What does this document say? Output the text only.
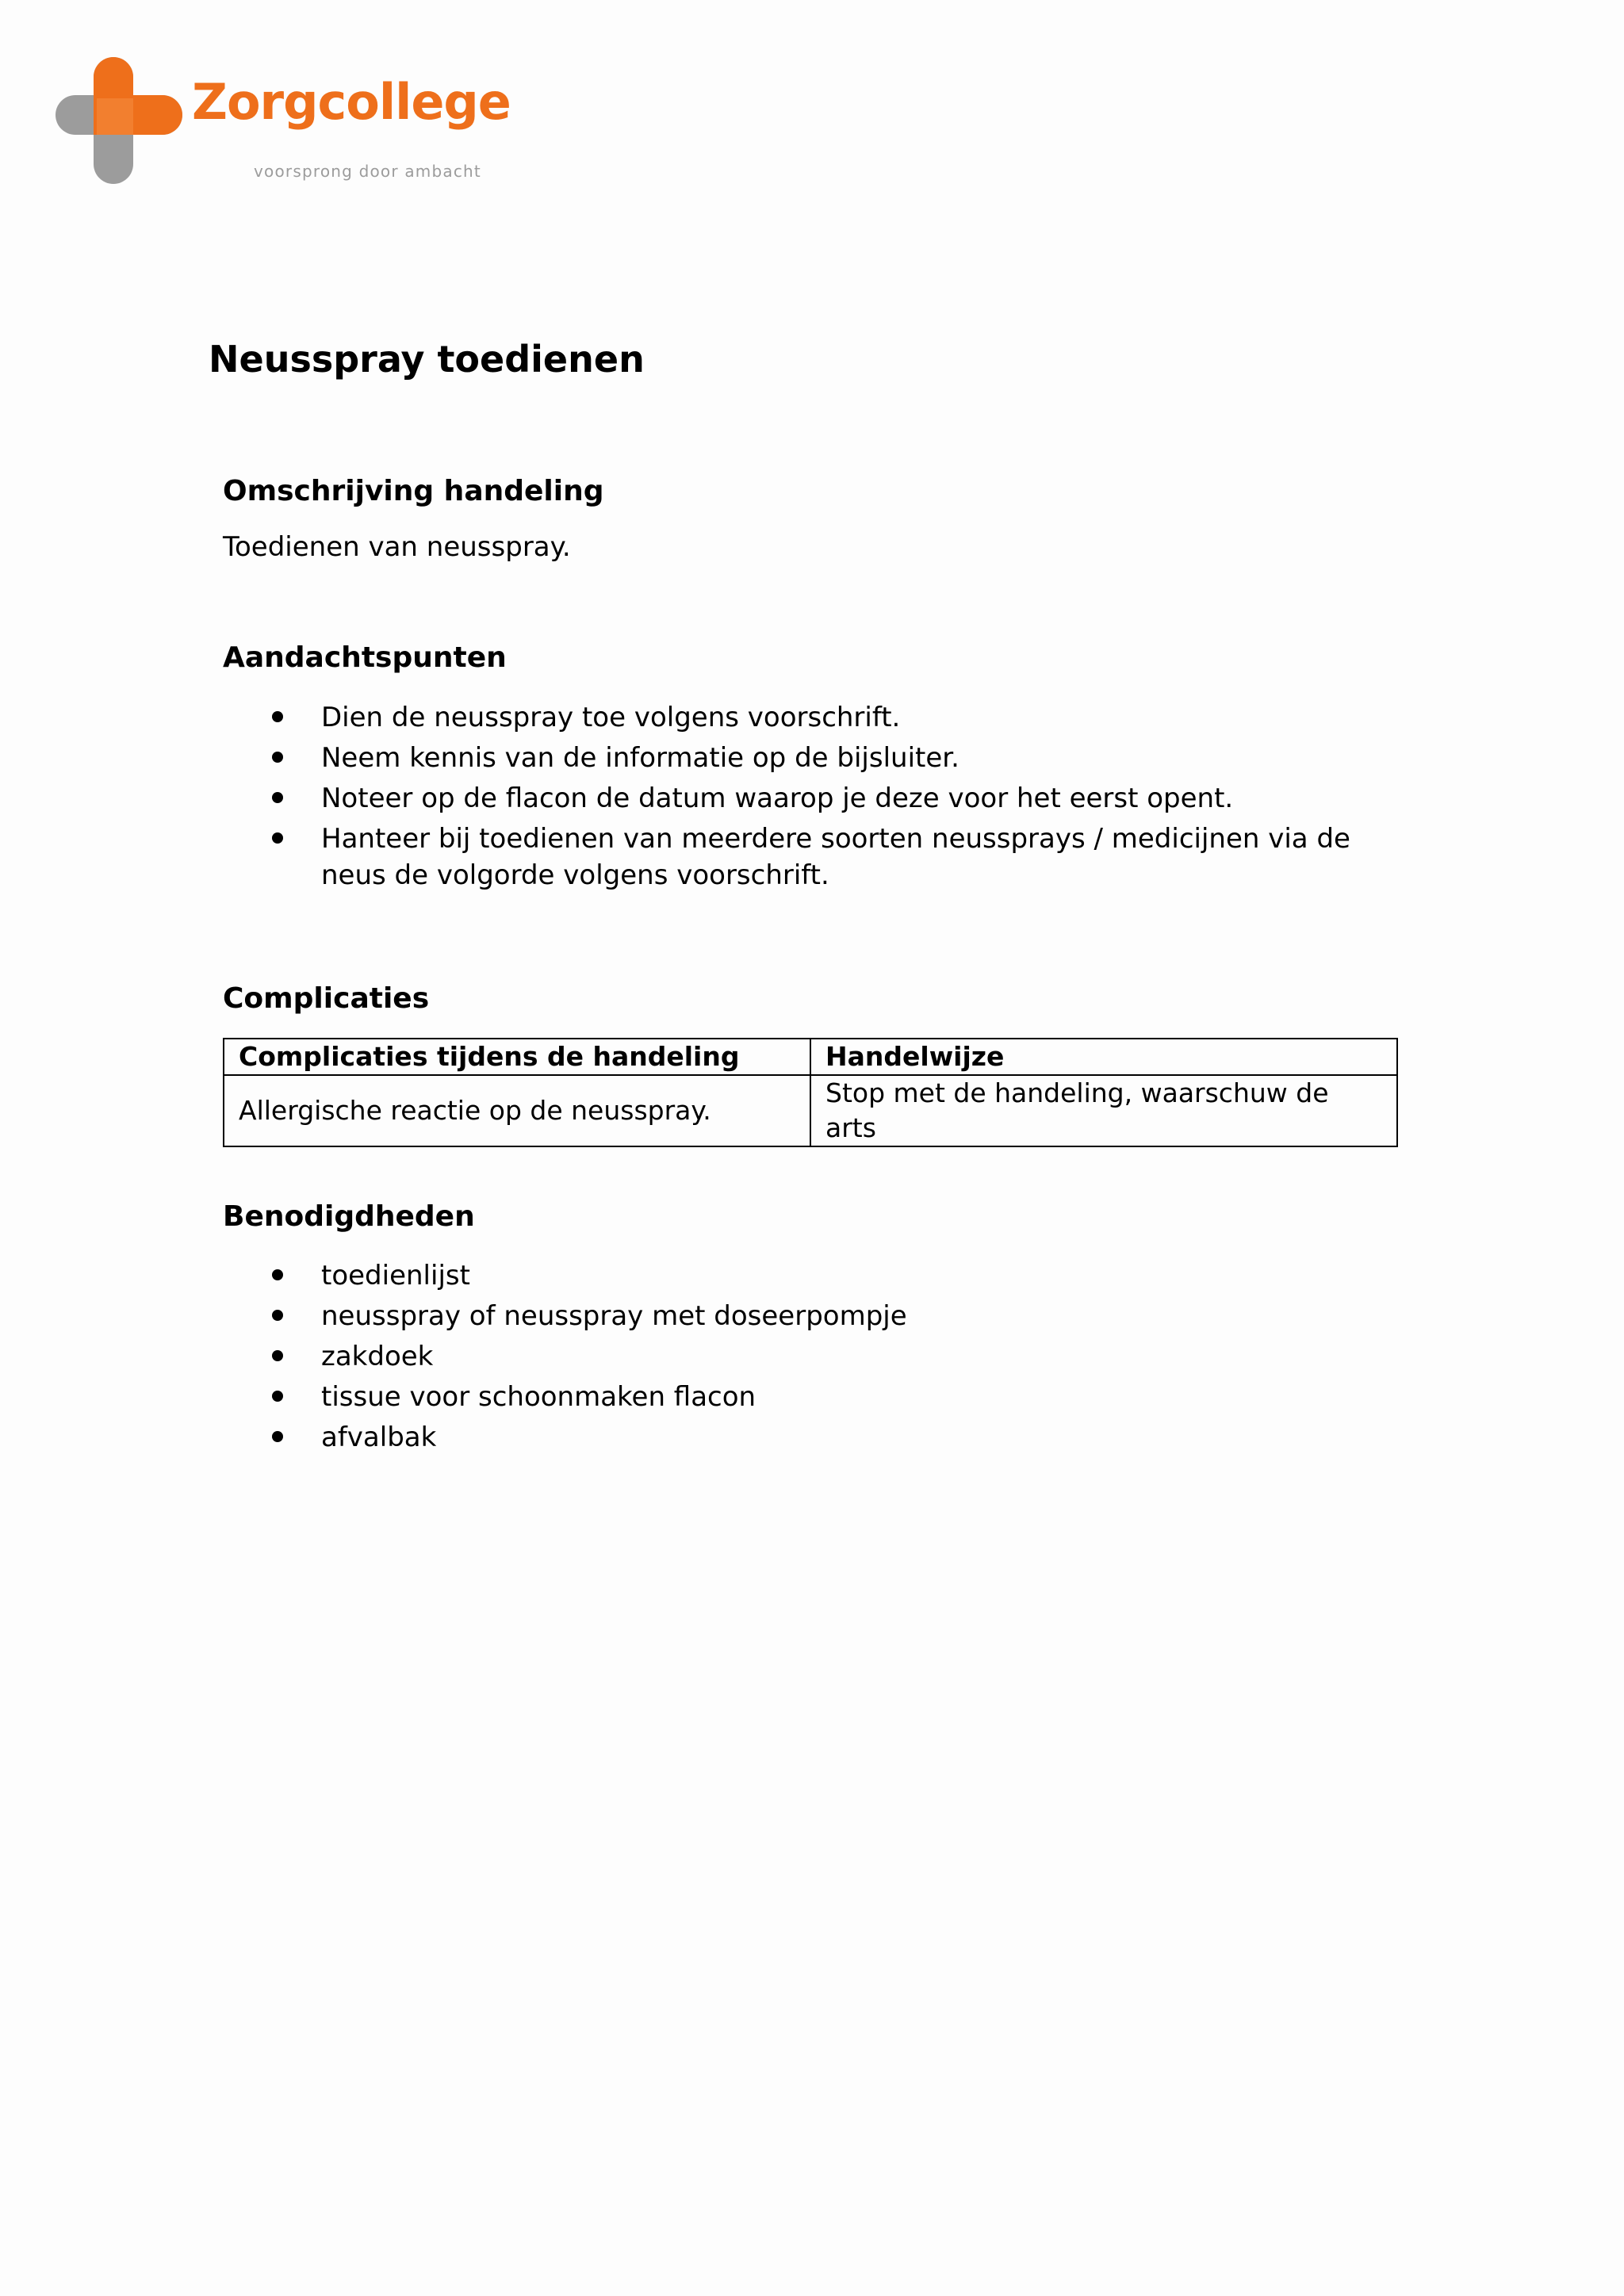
Zorgcollege
voorsprong door ambacht
Neusspray toedienen
Omschrijving handeling

Toedienen van neusspray.

Aandachtspunten
Dien de neusspray toe volgens voorschrift.
Neem kennis van de informatie op de bijsluiter.
Noteer op de flacon de datum waarop je deze voor het eerst opent.
Hanteer bij toedienen van meerdere soorten neussprays / medicijnen via de neus de volgorde volgens voorschrift.
Complicaties
Complicaties tijdens de handeling	Handelwijze
Allergische reactie op de neusspray.	Stop met de handeling, waarschuw de arts
Benodigdheden
toedienlijst
neusspray of neusspray met doseerpompje
zakdoek
tissue voor schoonmaken flacon
afvalbak
